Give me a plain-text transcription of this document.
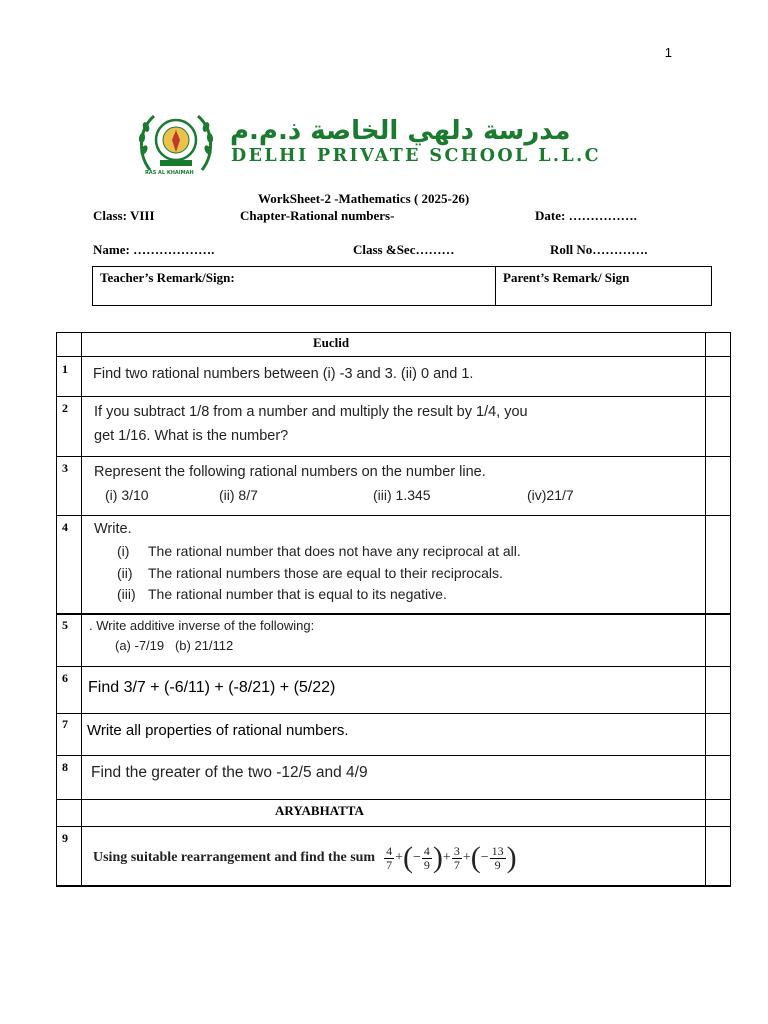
1
RAS AL KHAIMAH
مدرسة دلهي الخاصة ذ.م.م
DELHI PRIVATE SCHOOL L.L.C
WorkSheet-2 -Mathematics ( 2025-26)
Class: VIII	Chapter-Rational numbers-	Date: …………….
Name: ……………….	Class &Sec………	Roll No………….
Teacher’s Remark/Sign:	Parent’s Remark/ Sign
Euclid
1 Find two rational numbers between (i) -3 and 3. (ii) 0 and 1.
2 If you subtract 1/8 from a number and multiply the result by 1/4, you
get 1/16. What is the number?
3 Represent the following rational numbers on the number line.
(i) 3/10	(ii) 8/7	(iii) 1.345	(iv)21/7
4 Write.
(i) The rational number that does not have any reciprocal at all.
(ii) The rational numbers those are equal to their reciprocals.
(iii) The rational number that is equal to its negative.
5 . Write additive inverse of the following:
(a) -7/19   (b) 21/112
6
Find 3/7 + (-6/11) + (-8/21) + (5/22)
7 Write all properties of rational numbers.
8 Find the greater of the two -12/5 and 4/9
ARYABHATTA
9
Using suitable rearrangement and find the sum $\frac{4}{7}$ + ( − $\frac{4}{9}$ ) + $\frac{3}{7}$ + ( − $\frac{13}{9}$ )
